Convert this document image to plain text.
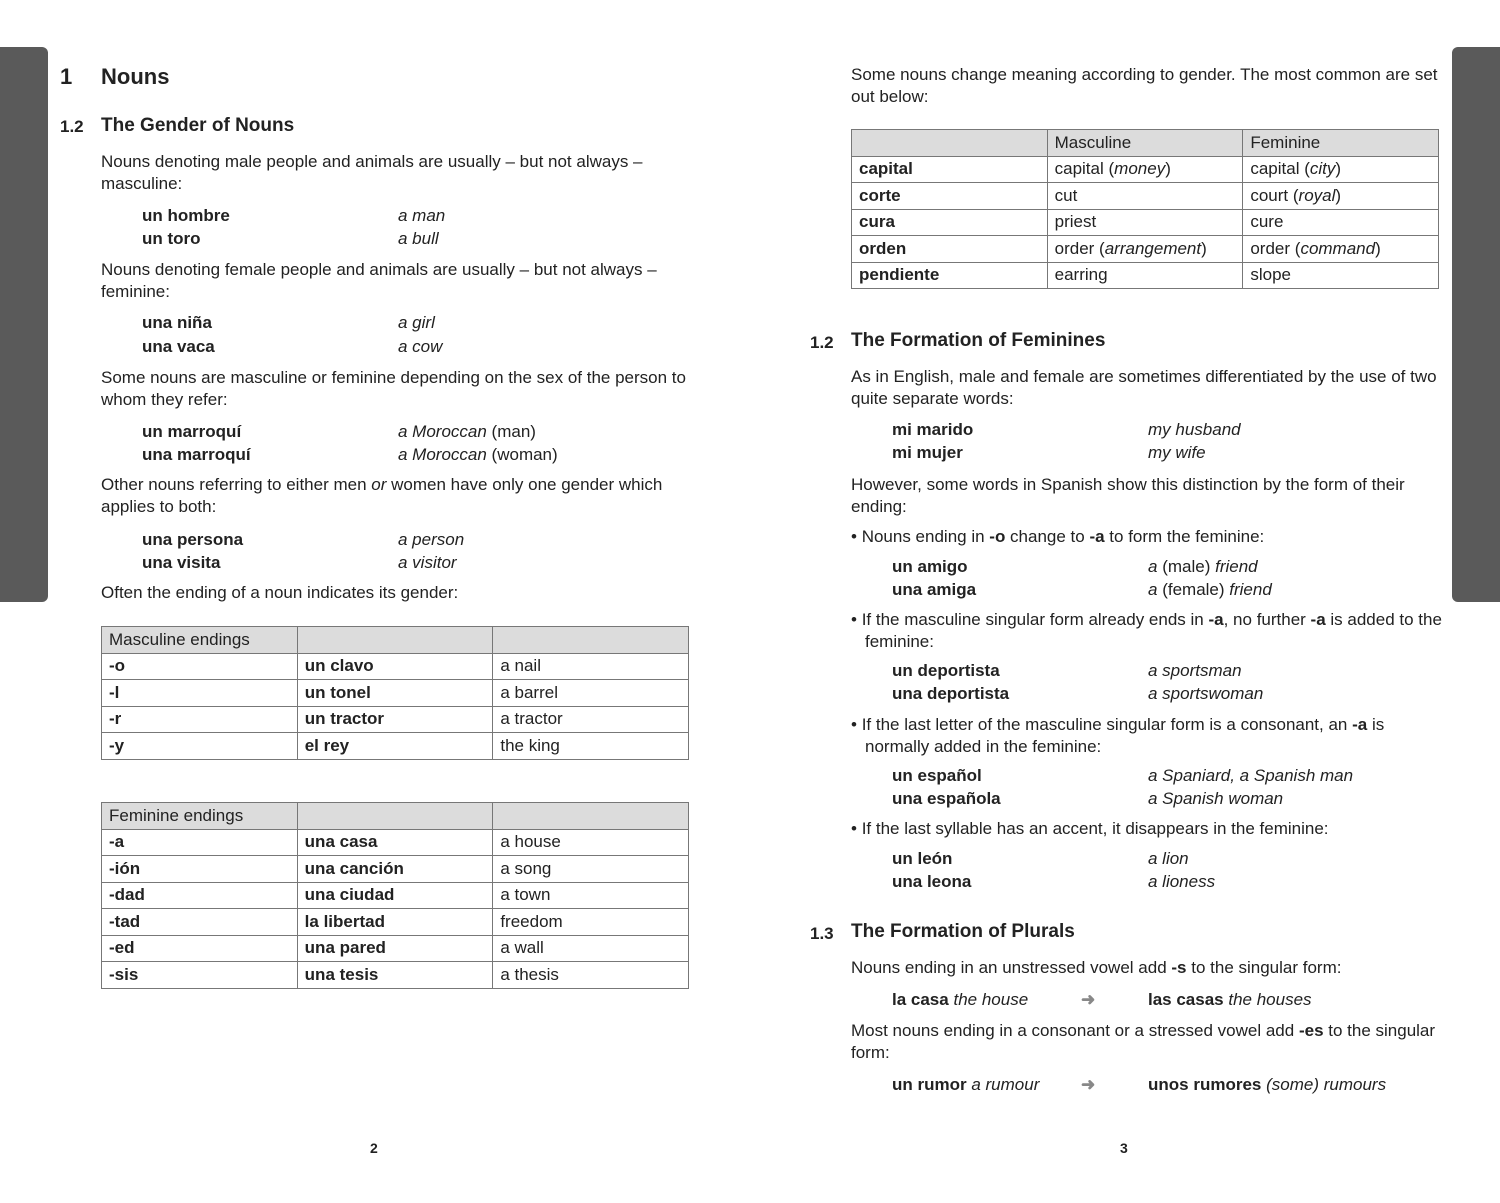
1 Nouns
1.2 The Gender of Nouns
Nouns denoting male people and animals are usually – but not always – masculine:
un hombre	a man
un toro	a bull
Nouns denoting female people and animals are usually – but not always – feminine:
una niña	a girl
una vaca	a cow
Some nouns are masculine or feminine depending on the sex of the person to whom they refer:
un marroquí	a Moroccan (man)
una marroquí	a Moroccan (woman)
Other nouns referring to either men or women have only one gender which applies to both:
una persona	a person
una visita	a visitor
Often the ending of a noun indicates its gender:
Masculine endings		
-o	un clavo	a nail
-l	un tonel	a barrel
-r	un tractor	a tractor
-y	el rey	the king
Feminine endings		
-a	una casa	a house
-ión	una canción	a song
-dad	una ciudad	a town
-tad	la libertad	freedom
-ed	una pared	a wall
-sis	una tesis	a thesis
2
Some nouns change meaning according to gender. The most common are set out below:
	Masculine	Feminine
capital	capital (money)	capital (city)
corte	cut	court (royal)
cura	priest	cure
orden	order (arrangement)	order (command)
pendiente	earring	slope
1.2 The Formation of Feminines
As in English, male and female are sometimes differentiated by the use of two quite separate words:
mi marido	my husband
mi mujer	my wife
However, some words in Spanish show this distinction by the form of their ending:
• Nouns ending in -o change to -a to form the feminine:
un amigo	a (male) friend
una amiga	a (female) friend
• If the masculine singular form already ends in -a, no further -a is added to the feminine:
un deportista	a sportsman
una deportista	a sportswoman
• If the last letter of the masculine singular form is a consonant, an -a is normally added in the feminine:
un español	a Spaniard, a Spanish man
una española	a Spanish woman
• If the last syllable has an accent, it disappears in the feminine:
un león	a lion
una leona	a lioness
1.3 The Formation of Plurals
Nouns ending in an unstressed vowel add -s to the singular form:
la casa the house	➜	las casas the houses
Most nouns ending in a consonant or a stressed vowel add -es to the singular form:
un rumor a rumour ➜	unos rumores (some) rumours
3
